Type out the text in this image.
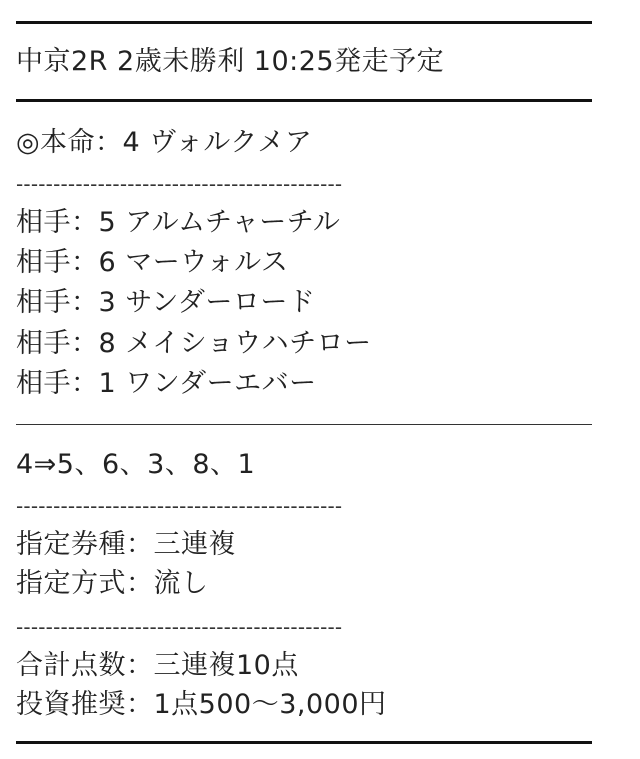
中京2R 2歳未勝利 10:25発走予定
◎本命：4 ヴォルクメア
--------------------------------------------
相手：5 アルムチャーチル
相手：6 マーウォルス
相手：3 サンダーロード
相手：8 メイショウハチロー
相手：1 ワンダーエバー
4⇒5、6、3、8、1
--------------------------------------------
指定券種：三連複
指定方式：流し
--------------------------------------------
合計点数：三連複10点
投資推奨：1点500〜3,000円
